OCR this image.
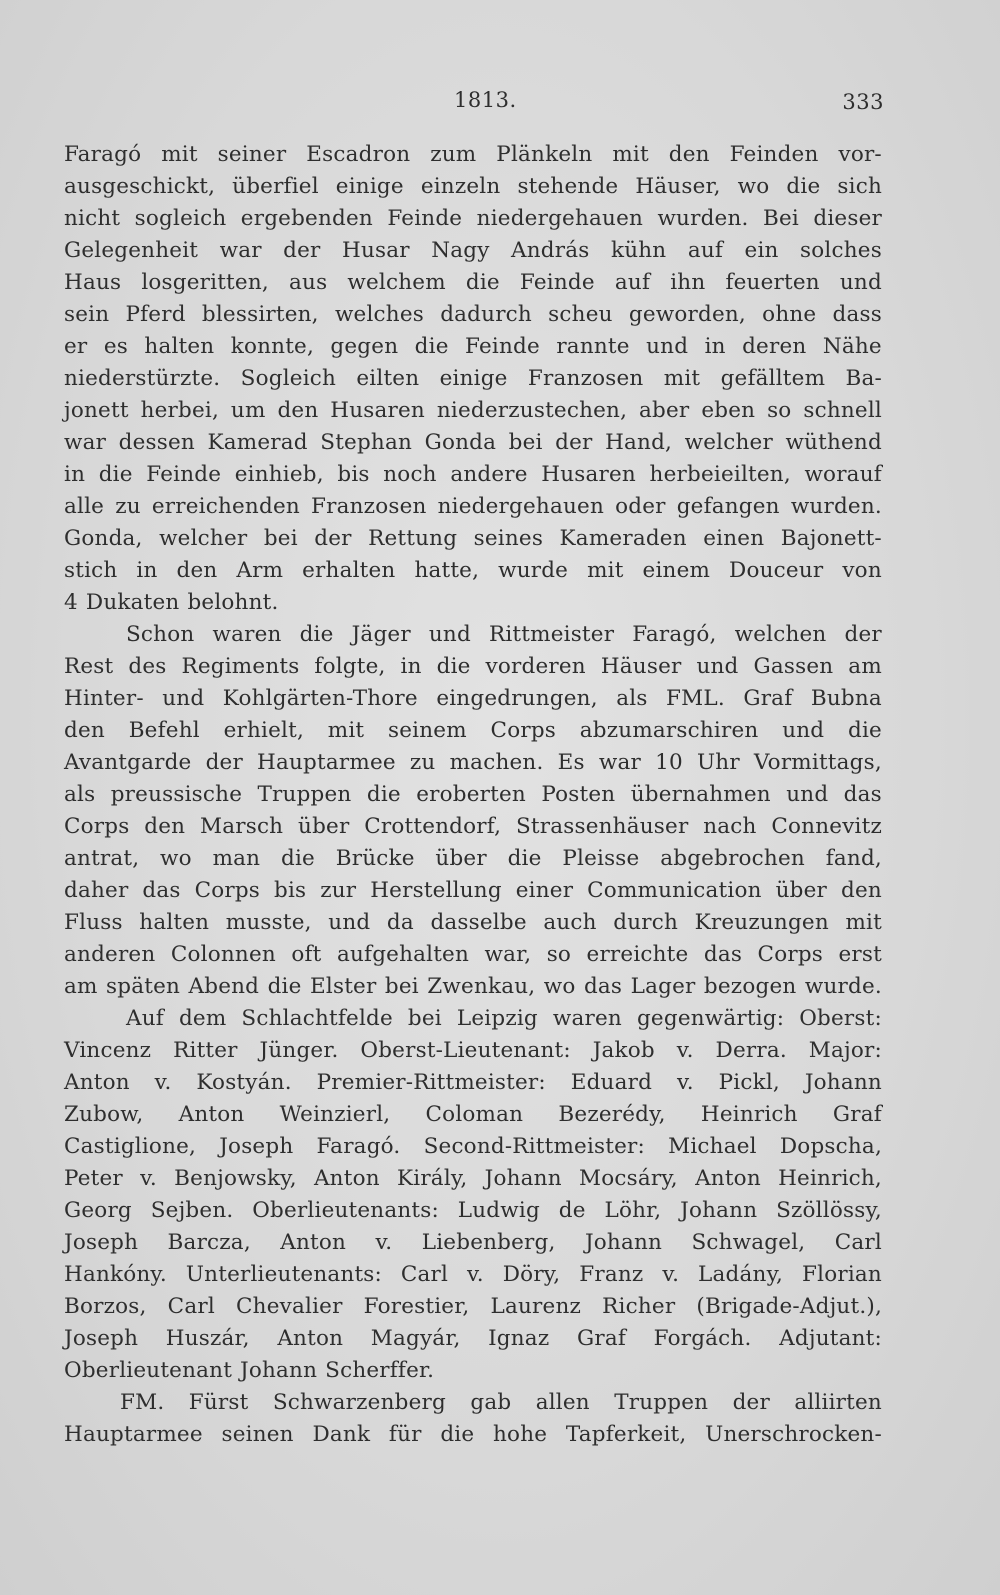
1813.	333
Faragó mit seiner Escadron zum Plänkeln mit den Feinden vor-
ausgeschickt, überfiel einige einzeln stehende Häuser, wo die sich
nicht sogleich ergebenden Feinde niedergehauen wurden. Bei dieser
Gelegenheit war der Husar Nagy András kühn auf ein solches
Haus losgeritten, aus welchem die Feinde auf ihn feuerten und
sein Pferd blessirten, welches dadurch scheu geworden, ohne dass
er es halten konnte, gegen die Feinde rannte und in deren Nähe
niederstürzte. Sogleich eilten einige Franzosen mit gefälltem Ba-
jonett herbei, um den Husaren niederzustechen, aber eben so schnell
war dessen Kamerad Stephan Gonda bei der Hand, welcher wüthend
in die Feinde einhieb, bis noch andere Husaren herbeieilten, worauf
alle zu erreichenden Franzosen niedergehauen oder gefangen wurden.
Gonda, welcher bei der Rettung seines Kameraden einen Bajonett-
stich in den Arm erhalten hatte, wurde mit einem Douceur von
4 Dukaten belohnt.
Schon waren die Jäger und Rittmeister Faragó, welchen der
Rest des Regiments folgte, in die vorderen Häuser und Gassen am
Hinter- und Kohlgärten-Thore eingedrungen, als FML. Graf Bubna
den Befehl erhielt, mit seinem Corps abzumarschiren und die
Avantgarde der Hauptarmee zu machen. Es war 10 Uhr Vormittags,
als preussische Truppen die eroberten Posten übernahmen und das
Corps den Marsch über Crottendorf, Strassenhäuser nach Connevitz
antrat, wo man die Brücke über die Pleisse abgebrochen fand,
daher das Corps bis zur Herstellung einer Communication über den
Fluss halten musste, und da dasselbe auch durch Kreuzungen mit
anderen Colonnen oft aufgehalten war, so erreichte das Corps erst
am späten Abend die Elster bei Zwenkau, wo das Lager bezogen wurde.
Auf dem Schlachtfelde bei Leipzig waren gegenwärtig: Oberst:
Vincenz Ritter Jünger. Oberst-Lieutenant: Jakob v. Derra. Major:
Anton v. Kostyán. Premier-Rittmeister: Eduard v. Pickl, Johann
Zubow, Anton Weinzierl, Coloman Bezerédy, Heinrich Graf
Castiglione, Joseph Faragó. Second-Rittmeister: Michael Dopscha,
Peter v. Benjowsky, Anton Király, Johann Mocsáry, Anton Heinrich,
Georg Sejben. Oberlieutenants: Ludwig de Löhr, Johann Szöllössy,
Joseph Barcza, Anton v. Liebenberg, Johann Schwagel, Carl
Hankóny. Unterlieutenants: Carl v. Döry, Franz v. Ladány, Florian
Borzos, Carl Chevalier Forestier, Laurenz Richer (Brigade-Adjut.),
Joseph Huszár, Anton Magyár, Ignaz Graf Forgách. Adjutant:
Oberlieutenant Johann Scherffer.
FM. Fürst Schwarzenberg gab allen Truppen der alliirten
Hauptarmee seinen Dank für die hohe Tapferkeit, Unerschrocken-
